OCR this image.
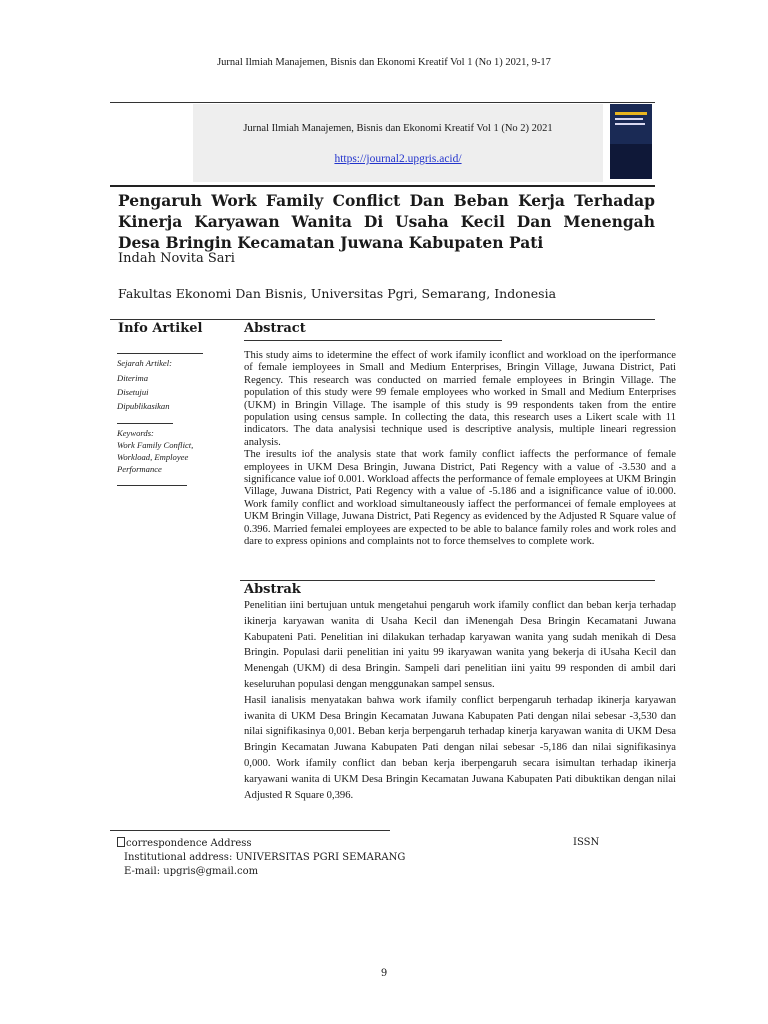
Jurnal Ilmiah Manajemen, Bisnis dan Ekonomi Kreatif Vol 1 (No 1) 2021, 9-17
Jurnal Ilmiah Manajemen, Bisnis dan Ekonomi Kreatif Vol 1 (No 2) 2021
https://journal2.upgris.acid/
Pengaruh Work Family Conflict Dan Beban Kerja Terhadap Kinerja Karyawan Wanita Di Usaha Kecil Dan Menengah Desa Bringin Kecamatan Juwana Kabupaten Pati
Indah Novita Sari
Fakultas Ekonomi Dan Bisnis, Universitas Pgri, Semarang, Indonesia
Info Artikel	Abstract
Sejarah Artikel:
Diterima
Disetujui
Dipublikasikan
Keywords:
Work Family Conflict,
Workload, Employee
Performance

This study aims to idetermine the effect of work ifamily iconflict and workload on the iperformance of female iemployees in Small and Medium Enterprises, Bringin Village, Juwana District, Pati Regency. This research was conducted on married female employees in Bringin Village. The population of this study were 99 female employees who worked in Small and Medium Enterprises (UKM) in Bringin Village. The isample of this study is 99 respondents taken from the entire population using census sample. In collecting the data, this research uses a Likert scale with 11 indicators. The data analysisi technique used is descriptive analysis, multiple lineari regression analysis.

The iresults iof the analysis state that work family conflict iaffects the performance of female employees in UKM Desa Bringin, Juwana District, Pati Regency with a value of -3.530 and a significance value iof 0.001. Workload affects the performance of female employees at UKM Bringin Village, Juwana District, Pati Regency with a value of -5.186 and a isignificance value of i0.000. Work family conflict and workload simultaneously iaffect the performancei of female employees at UKM Bringin Village, Juwana District, Pati Regency as evidenced by the Adjusted R Square value of 0.396. Married femalei employees are expected to be able to balance family roles and work roles and dare to express opinions and complaints not to force themselves to complete work.

Abstrak

Penelitian iini bertujuan untuk mengetahui pengaruh work ifamily conflict dan beban kerja terhadap ikinerja karyawan wanita di Usaha Kecil dan iMenengah Desa Bringin Kecamatani Juwana Kabupateni Pati. Penelitian ini dilakukan terhadap karyawan wanita yang sudah menikah di Desa Bringin. Populasi darii penelitian ini yaitu 99 ikaryawan wanita yang bekerja di iUsaha Kecil dan Menengah (UKM) di desa Bringin. Sampeli dari penelitian iini yaitu 99 responden di ambil dari keseluruhan populasi dengan menggunakan sampel sensus.

Hasil ianalisis menyatakan bahwa work ifamily conflict berpengaruh terhadap ikinerja karyawan iwanita di UKM Desa Bringin Kecamatan Juwana Kabupaten Pati dengan nilai sebesar -3,530 dan nilai signifikasinya 0,001. Beban kerja berpengaruh terhadap kinerja karyawan wanita di UKM Desa Bringin Kecamatan Juwana Kabupaten Pati dengan nilai sebesar -5,186 dan nilai signifikasinya 0,000. Work ifamily conflict dan beban kerja iberpengaruh secara isimultan terhadap ikinerja karyawani wanita di UKM Desa Bringin Kecamatan Juwana Kabupaten Pati dibuktikan dengan nilai Adjusted R Square 0,396.

correspondence Address	ISSN
Institutional address: UNIVERSITAS PGRI SEMARANG
E-mail: upgris@gmail.com
9
